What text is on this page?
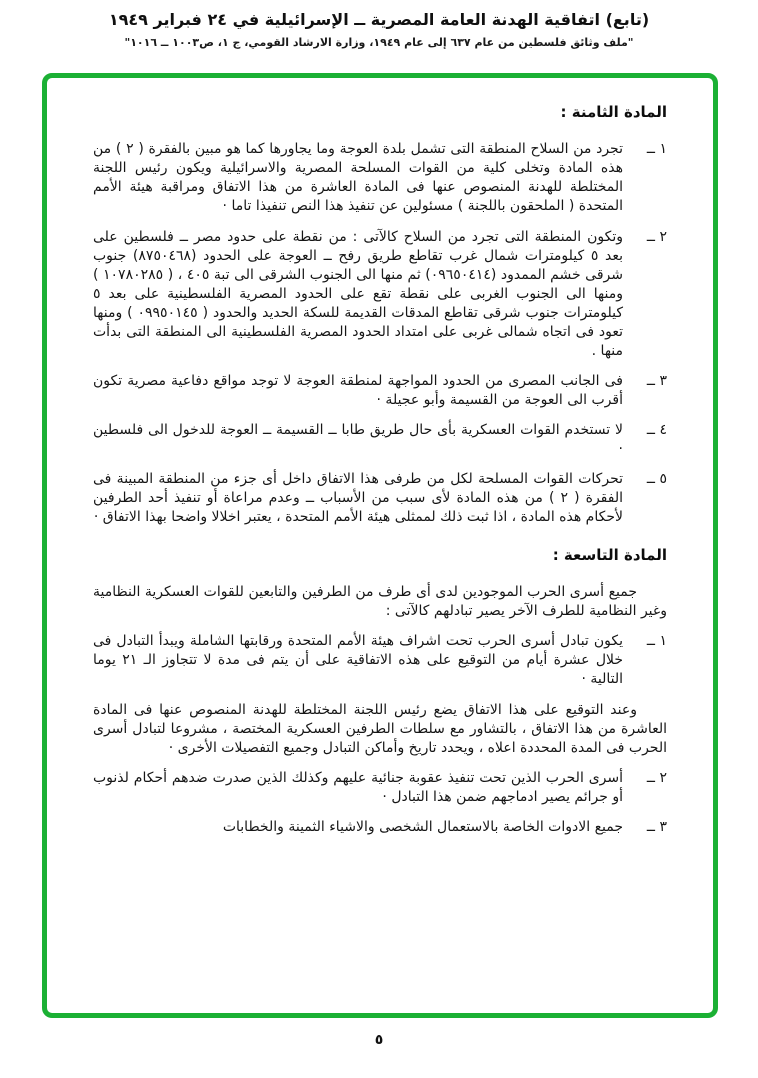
(تابع) اتفاقية الهدنة العامة المصرية ــ الإسرائيلية في ٢٤ فبراير ١٩٤٩
"ملف وثائق فلسطين من عام ٦٣٧ إلى عام ١٩٤٩، وزارة الارشاد القومي، ج ١، ص١٠٠٣ ــ ١٠١٦"
المادة الثامنة :
١ ــ

تجرد من السلاح المنطقة التى تشمل بلدة العوجة وما يجاورها كما هو مبين بالفقرة ( ٢ ) من هذه المادة وتخلى كلية من القوات المسلحة المصرية والاسرائيلية ويكون رئيس اللجنة المختلطة للهدنة المنصوص عنها فى المادة العاشرة من هذا الاتفاق ومراقبة هيئة الأمم المتحدة ( الملحقون باللجنة ) مسئولين عن تنفيذ هذا النص تنفيذا تاما ·

٢ ــ

وتكون المنطقة التى تجرد من السلاح كالآتى : من نقطة على حدود مصر ــ فلسطين على بعد ٥ كيلومترات شمال غرب تقاطع طريق رفح ــ العوجة على الحدود (٨٧٥٠٤٦٨) جنوب شرقى خشم الممدود (٠٩٦٥٠٤١٤) ثم منها الى الجنوب الشرقى الى تبة ٤٠٥ ، ( ١٠٧٨٠٢٨٥ ) ومنها الى الجنوب الغربى على نقطة تقع على الحدود المصرية الفلسطينية على بعد ٥ كيلومترات جنوب شرقى تقاطع المدقات القديمة للسكة الحديد والحدود ( ٠٩٩٥٠١٤٥ ) ومنها تعود فى اتجاه شمالى غربى على امتداد الحدود المصرية الفلسطينية الى المنطقة التى بدأت منها .

٣ ــ

فى الجانب المصرى من الحدود المواجهة لمنطقة العوجة لا توجد مواقع دفاعية مصرية تكون أقرب الى العوجة من القسيمة وأبو عجيلة ·

٤ ــ

لا تستخدم القوات العسكرية بأى حال طريق طابا ــ القسيمة ــ العوجة للدخول الى فلسطين ·

٥ ــ

تحركات القوات المسلحة لكل من طرفى هذا الاتفاق داخل أى جزء من المنطقة المبينة فى الفقرة ( ٢ ) من هذه المادة لأى سبب من الأسباب ــ وعدم مراعاة أو تنفيذ أحد الطرفين لأحكام هذه المادة ، اذا ثبت ذلك لممثلى هيئة الأمم المتحدة ، يعتبر اخلالا واضحا بهذا الاتفاق ·

المادة التاسعة :

جميع أسرى الحرب الموجودين لدى أى طرف من الطرفين والتابعين للقوات العسكرية النظامية وغير النظامية للطرف الآخر يصير تبادلهم كالآتى :

١ ــ

يكون تبادل أسرى الحرب تحت اشراف هيئة الأمم المتحدة ورقابتها الشاملة ويبدأ التبادل فى خلال عشرة أيام من التوقيع على هذه الاتفاقية على أن يتم فى مدة لا تتجاوز الـ ٢١ يوما التالية ·

وعند التوقيع على هذا الاتفاق يضع رئيس اللجنة المختلطة للهدنة المنصوص عنها فى المادة العاشرة من هذا الاتفاق ، بالتشاور مع سلطات الطرفين العسكرية المختصة ، مشروعا لتبادل أسرى الحرب فى المدة المحددة اعلاه ، ويحدد تاريخ وأماكن التبادل وجميع التفصيلات الأخرى ·

٢ ــ

أسرى الحرب الذين تحت تنفيذ عقوبة جنائية عليهم وكذلك الذين صدرت ضدهم أحكام لذنوب أو جرائم يصير ادماجهم ضمن هذا التبادل ·

٣ ــ

جميع الادوات الخاصة بالاستعمال الشخصى والاشياء الثمينة والخطابات

٥
